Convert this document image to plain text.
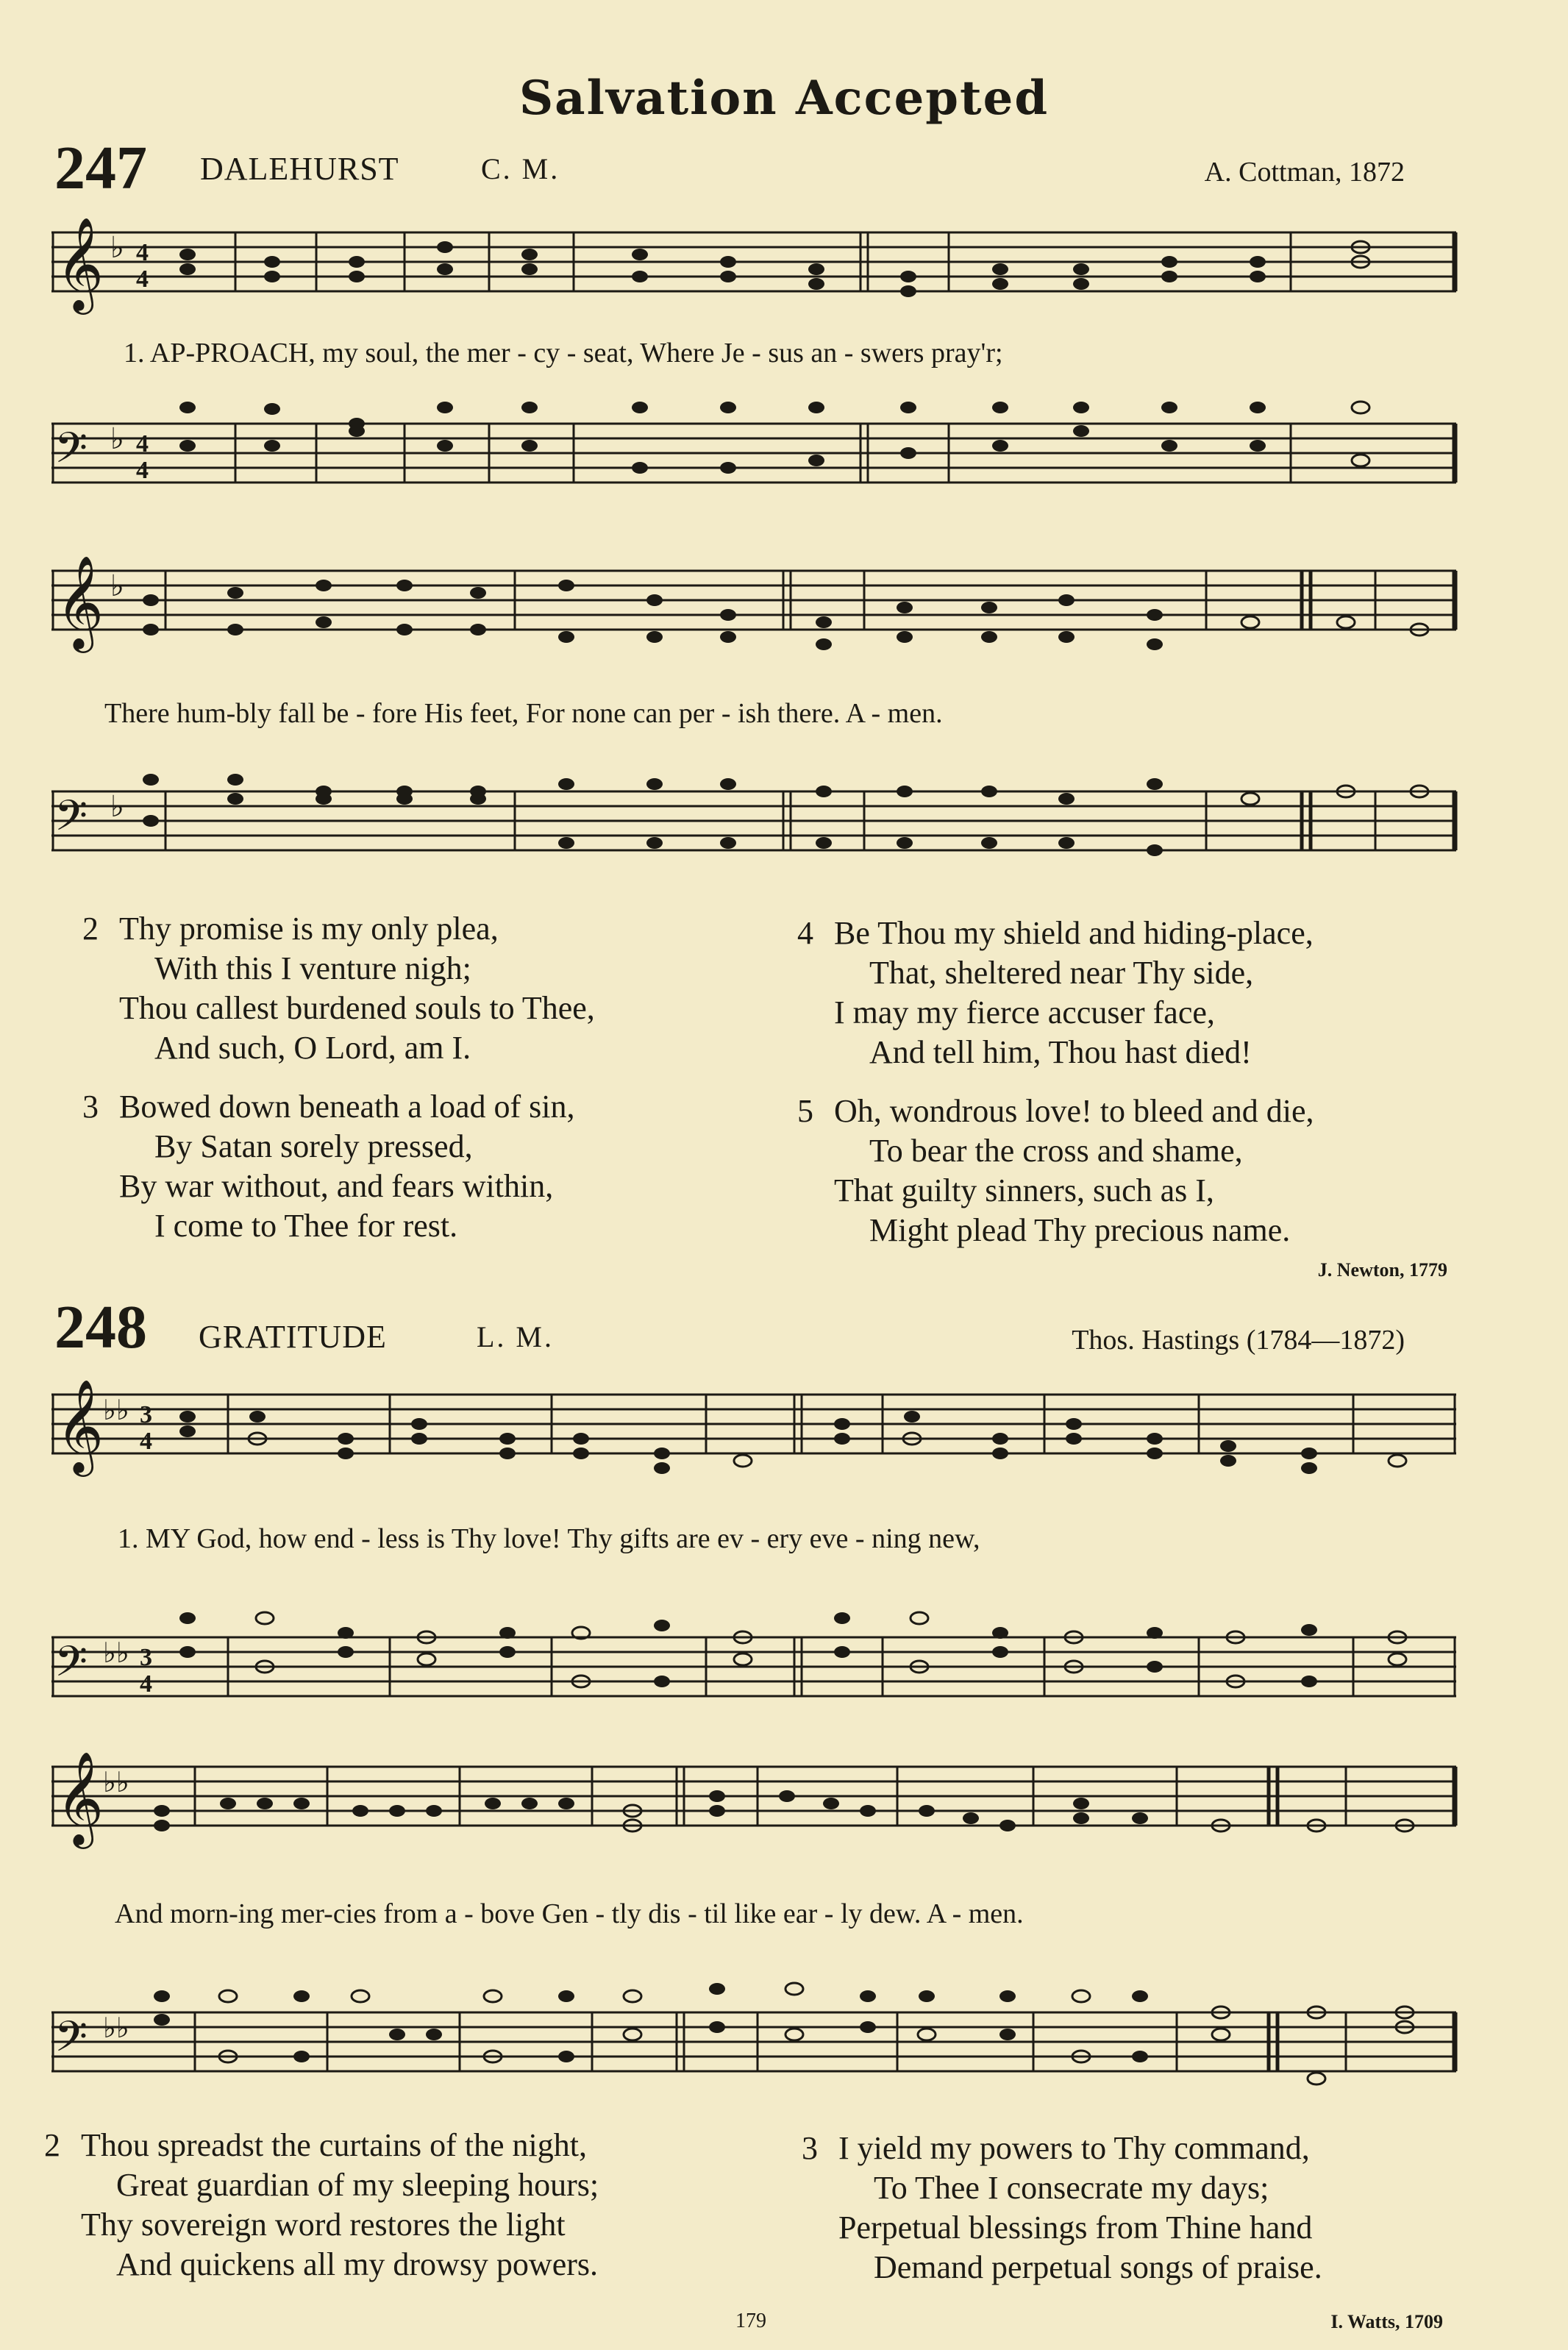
Salvation Accepted
247 DALEHURST	C. M.	A. Cottman, 1872
𝄞 ♭ 4
4
1. AP-PROACH, my soul, the mer - cy - seat, Where Je - sus an - swers pray'r;
𝄢 ♭ 4
4
𝄞 ♭
There hum-bly fall be - fore His feet, For none can per - ish there. A - men.
𝄢 ♭
2 Thy promise is my only plea,
With this I venture nigh;
Thou callest burdened souls to Thee,
And such, O Lord, am I.
3 Bowed down beneath a load of sin,
By Satan sorely pressed,
By war without, and fears within,
I come to Thee for rest.
4 Be Thou my shield and hiding-place,
That, sheltered near Thy side,
I may my fierce accuser face,
And tell him, Thou hast died!
5 Oh, wondrous love! to bleed and die,
To bear the cross and shame,
That guilty sinners, such as I,
Might plead Thy precious name.
J. Newton, 1779
248 GRATITUDE	L. M.	Thos. Hastings (1784—1872)
𝄞
♭♭ 3
4
1. MY God, how end - less is Thy love! Thy gifts are ev - ery eve - ning new,
𝄢 ♭♭ 3
4
𝄞
♭♭
And morn-ing mer-cies from a - bove Gen - tly dis - til like ear - ly dew. A - men.
𝄢 ♭♭
2 Thou spreadst the curtains of the night,
Great guardian of my sleeping hours;
Thy sovereign word restores the light
And quickens all my drowsy powers.
3 I yield my powers to Thy command,
To Thee I consecrate my days;
Perpetual blessings from Thine hand
Demand perpetual songs of praise.
179	I. Watts, 1709
